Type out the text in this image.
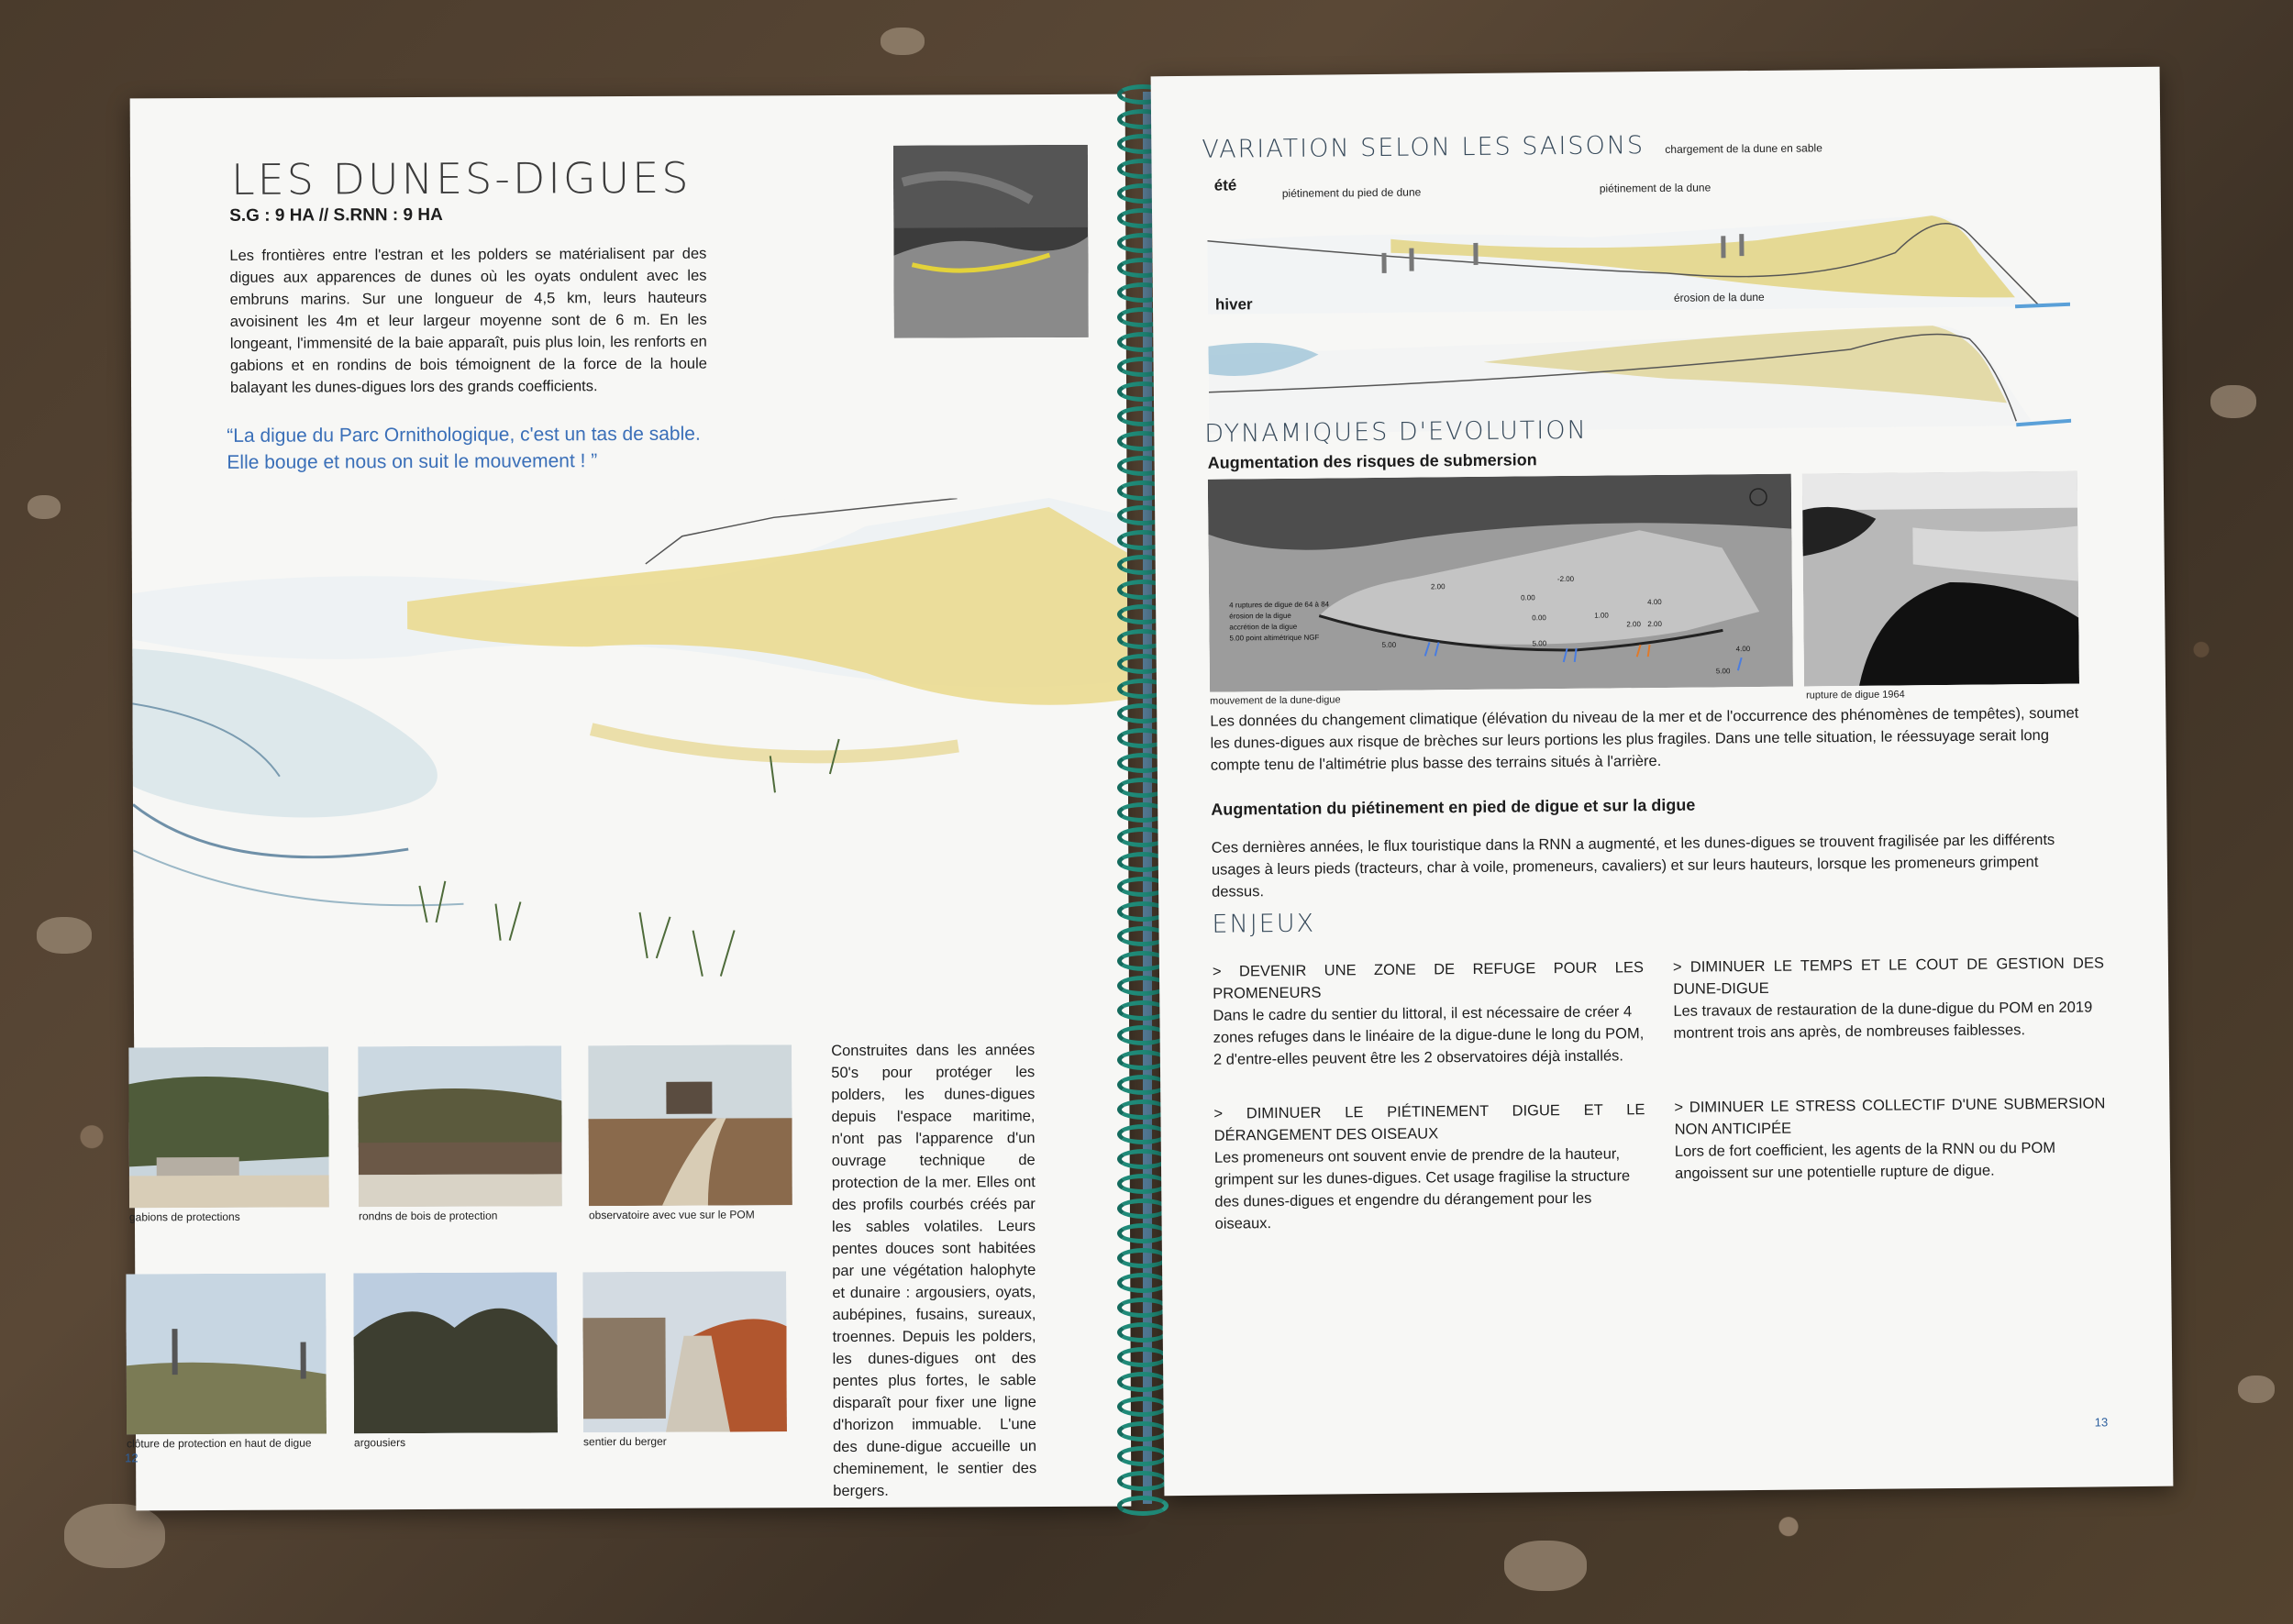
LES DUNES-DIGUES
S.G : 9 HA // S.RNN : 9 HA
Les frontières entre l'estran et les polders se matérialisent par des digues aux apparences de dunes où les oyats ondulent avec les embruns marins. Sur une longueur de 4,5 km, leurs hauteurs avoisinent les 4m et leur largeur moyenne sont de 6 m. En les longeant, l'immensité de la baie apparaît, puis plus loin, les renforts en gabions et en rondins de bois témoignent de la force de la houle balayant les dunes-digues lors des grands coefficients.
“La digue du Parc Ornithologique, c'est un tas de sable.
Elle bouge et nous on suit le mouvement ! ”
gabions de protections	rondns de bois de protection	observatoire avec vue sur le POM
clôture de protection en haut de digue	argousiers	sentier du berger
Construites dans les années 50's pour protéger les polders, les dunes-digues depuis l'espace maritime, n'ont pas l'apparence d'un ouvrage technique de protection de la mer. Elles ont des profils courbés créés par les sables volatiles. Leurs pentes douces sont habitées par une végétation halophyte et dunaire : argousiers, oyats, aubépines, fusains, sureaux, troennes. Depuis les polders, les dunes-digues ont des pentes plus fortes, le sable disparaît pour fixer une ligne d'horizon immuable. L'une des dune-digue accueille un cheminement, le sentier des bergers.
12
VARIATION SELON LES SAISONS chargement de la dune en sable
été	piétinement du pied de dune	piétinement de la dune
hiver	érosion de la dune
DYNAMIQUES D'EVOLUTION
Augmentation des risques de submersion
4 ruptures de digue de 64 à 84
érosion de la digue
accrétion de la digue
5.00 point altimétrique NGF
2.00
2.00
0.00
-2.00
1.00
4.00
0.00
2.00
5.00	5.00
4.00
5.00
mouvement de la dune-digue	rupture de digue 1964
Les données du changement climatique (élévation du niveau de la mer et de l'occurrence des phénomènes de tempêtes), soumet les dunes-digues aux risque de brèches sur leurs portions les plus fragiles. Dans une telle situation, le réessuyage serait long compte tenu de l'altimétrie plus basse des terrains situés à l'arrière.
Augmentation du piétinement en pied de digue et sur la digue
Ces dernières années, le flux touristique dans la RNN a augmenté, et les dunes-digues se trouvent fragilisée par les différents usages à leurs pieds (tracteurs, char à voile, promeneurs, cavaliers) et sur leurs hauteurs, lorsque les promeneurs grimpent dessus.
ENJEUX
> DEVENIR UNE ZONE DE REFUGE POUR LES PROMENEURS
Dans le cadre du sentier du littoral, il est nécessaire de créer 4 zones refuges dans le linéaire de la digue-dune le long du POM, 2 d'entre-elles peuvent être les 2 observatoires déjà installés.
> DIMINUER LE PIÉTINEMENT DIGUE ET LE DÉRANGEMENT DES OISEAUX
Les promeneurs ont souvent envie de prendre de la hauteur, grimpent sur les dunes-digues. Cet usage fragilise la structure des dunes-digues et engendre du dérangement pour les oiseaux.
> DIMINUER LE TEMPS ET LE COUT DE GESTION DES DUNE-DIGUE
Les travaux de restauration de la dune-digue du POM en 2019 montrent trois ans après, de nombreuses faiblesses.
> DIMINUER LE STRESS COLLECTIF D'UNE SUBMERSION NON ANTICIPÉE
Lors de fort coefficient, les agents de la RNN ou du POM angoissent sur une potentielle rupture de digue.
13
